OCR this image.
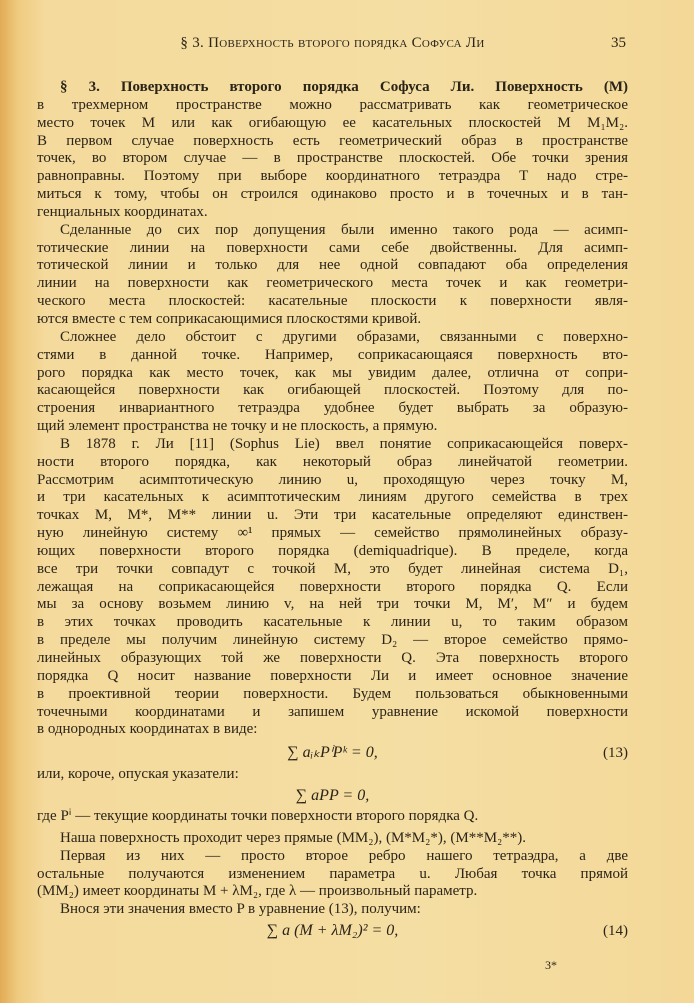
§ 3. Поверхность второго порядка Софуса Ли	35
§ 3. Поверхность второго порядка Софуса Ли. Поверхность (M)
в трехмерном пространстве можно рассматривать как геометрическое
место точек M или как огибающую ее касательных плоскостей M M₁M₂.
В первом случае поверхность есть геометрический образ в пространстве
точек, во втором случае — в пространстве плоскостей. Обе точки зрения
равноправны. Поэтому при выборе координатного тетраэдра T надо стре-
миться к тому, чтобы он строился одинаково просто и в точечных и в тан-
генциальных координатах.
Сделанные до сих пор допущения были именно такого рода — асимп-
тотические линии на поверхности сами себе двойственны. Для асимп-
тотической линии и только для нее одной совпадают оба определения
линии на поверхности как геометрического места точек и как геометри-
ческого места плоскостей: касательные плоскости к поверхности явля-
ются вместе с тем соприкасающимися плоскостями кривой.
Сложнее дело обстоит с другими образами, связанными с поверхно-
стями в данной точке. Например, соприкасающаяся поверхность вто-
рого порядка как место точек, как мы увидим далее, отлична от сопри-
касающейся поверхности как огибающей плоскостей. Поэтому для по-
строения инвариантного тетраэдра удобнее будет выбрать за образую-
щий элемент пространства не точку и не плоскость, а прямую.
В 1878 г. Ли [11] (Sophus Lie) ввел понятие соприкасающейся поверх-
ности второго порядка, как некоторый образ линейчатой геометрии.
Рассмотрим асимптотическую линию u, проходящую через точку M,
и три касательных к асимптотическим линиям другого семейства в трех
точках M, M*, M** линии u. Эти три касательные определяют единствен-
ную линейную систему ∞¹ прямых — семейство прямолинейных образу-
ющих поверхности второго порядка (demiquadrique). В пределе, когда
все три точки совпадут с точкой M, это будет линейная система D₁,
лежащая на соприкасающейся поверхности второго порядка Q. Если
мы за основу возьмем линию v, на ней три точки M, M′, M″ и будем
в этих точках проводить касательные к линии u, то таким образом
в пределе мы получим линейную систему D₂ — второе семейство прямо-
линейных образующих той же поверхности Q. Эта поверхность второго
порядка Q носит название поверхности Ли и имеет основное значение
в проективной теории поверхности. Будем пользоваться обыкновенными
точечными координатами и запишем уравнение искомой поверхности
в однородных координатах в виде:
∑ aᵢₖPⁱPᵏ = 0,	(13)
или, короче, опуская указатели:
∑ aPP = 0,
где Pⁱ — текущие координаты точки поверхности второго порядка Q.
Наша поверхность проходит через прямые (MM₂), (M*M₂*), (M**M₂**).
Первая из них — просто второе ребро нашего тетраэдра, а две
остальные получаются изменением параметра u. Любая точка прямой
(MM₂) имеет координаты M + λM₂, где λ — произвольный параметр.
Внося эти значения вместо P в уравнение (13), получим:
∑ a (M + λM₂)² = 0,	(14)
3*
